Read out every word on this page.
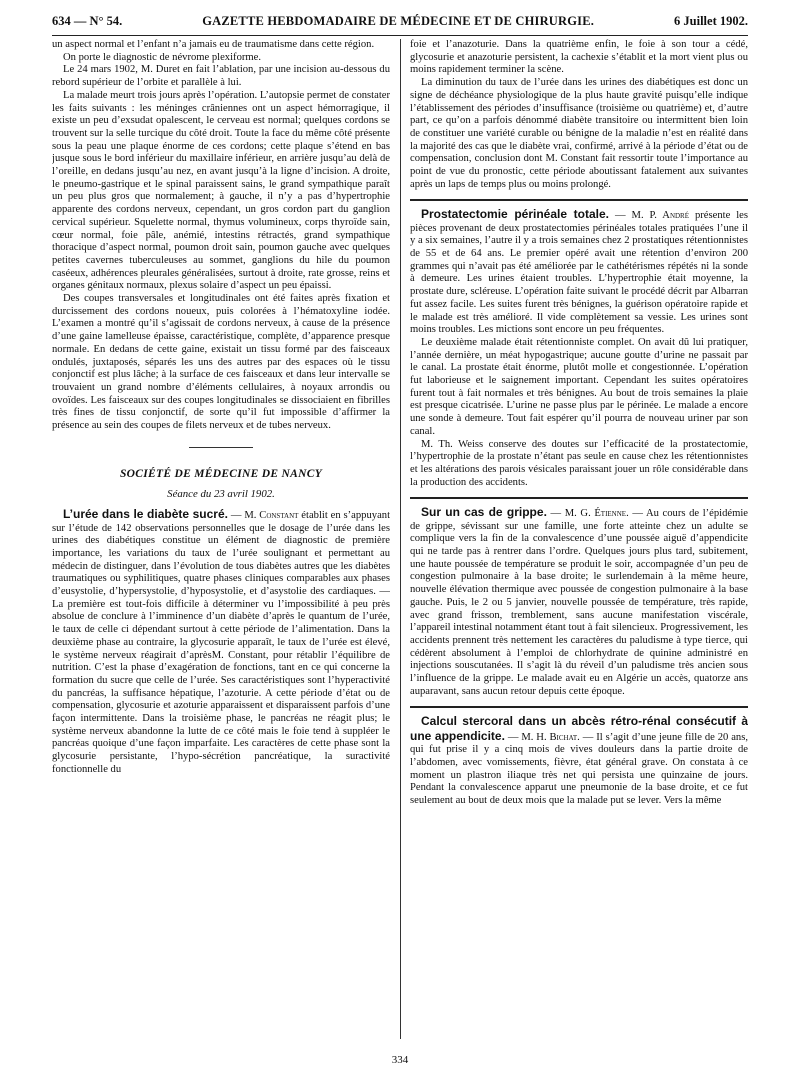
634 — N° 54.	GAZETTE HEBDOMADAIRE DE MÉDECINE ET DE CHIRURGIE.	6 Juillet 1902.

un aspect normal et l’enfant n’a jamais eu de traumatisme dans cette région.

On porte le diagnostic de névrome plexiforme.

Le 24 mars 1902, M. Duret en fait l’ablation, par une incision au-dessous du rebord supérieur de l’orbite et parallèle à lui.

La malade meurt trois jours après l’opération. L’autopsie permet de constater les faits suivants : les méninges crâniennes ont un aspect hémorragique, il existe un peu d’exsudat opalescent, le cerveau est normal; quelques cordons se trouvent sur la selle turcique du côté droit. Toute la face du même côté présente sous la peau une plaque énorme de ces cordons; cette plaque s’étend en bas jusque sous le bord inférieur du maxillaire inférieur, en arrière jusqu’au delà de l’oreille, en dedans jusqu’au nez, en avant jusqu’à la ligne d’incision. A droite, le pneumo-gastrique et le spinal paraissent sains, le grand sympathique paraît un peu plus gros que normalement; à gauche, il n’y a pas d’hypertrophie apparente des cordons nerveux, cependant, un gros cordon part du ganglion cervical supérieur. Squelette normal, thymus volumineux, corps thyroïde sain, cœur normal, foie pâle, anémié, intestins rétractés, grand sympathique thoracique d’aspect normal, poumon droit sain, poumon gauche avec quelques petites cavernes tuberculeuses au sommet, ganglions du hile du poumon caséeux, adhérences pleurales généralisées, surtout à droite, rate grosse, reins et organes génitaux normaux, plexus solaire d’aspect un peu épaissi.

Des coupes transversales et longitudinales ont été faites après fixation et durcissement des cordons noueux, puis colorées à l’hématoxyline iodée. L’examen a montré qu’il s’agissait de cordons nerveux, à cause de la présence d’une gaine lamelleuse épaisse, caractéristique, complète, d’apparence presque normale. En dedans de cette gaine, existait un tissu formé par des faisceaux ondulés, juxtaposés, séparés les uns des autres par des espaces où le tissu conjonctif est plus lâche; à la surface de ces faisceaux et dans leur intervalle se trouvaient un grand nombre d’éléments cellulaires, à noyaux arrondis ou ovoïdes. Les faisceaux sur des coupes longitudinales se dissociaient en fibrilles très fines de tissu conjonctif, de sorte qu’il fut impossible d’affirmer la présence au sein des coupes de filets nerveux et de tubes nerveux.

SOCIÉTÉ DE MÉDECINE DE NANCY
Séance du 23 avril 1902.

L’urée dans le diabète sucré. — M. Constant établit en s’appuyant sur l’étude de 142 observations personnelles que le dosage de l’urée dans les urines des diabétiques constitue un élément de diagnostic de première importance, les variations du taux de l’urée soulignant et permettant au médecin de distinguer, dans l’évolution de tous diabètes autres que les diabètes traumatiques ou syphilitiques, quatre phases cliniques comparables aux phases d’eusystolie, d’hypersystolie, d’hyposystolie, et d’asystolie des cardiaques. — La première est tout-fois difficile à déterminer vu l’impossibilité à peu près absolue de conclure à l’imminence d’un diabète d’après le quantum de l’urée, le taux de celle ci dépendant surtout à cette période de l’alimentation. Dans la deuxième phase au contraire, la glycosurie apparaît, le taux de l’urée est élevé, le système nerveux réagirait d’aprèsM. Constant, pour rétablir l’équilibre de nutrition. C’est la phase d’exagération de fonctions, tant en ce qui concerne la formation du sucre que celle de l’urée. Ses caractéristiques sont l’hyperactivité du pancréas, la suffisance hépatique, l’azoturie. A cette période d’état ou de compensation, glycosurie et azoturie apparaissent et disparaissent parfois d’une façon intermittente. Dans la troisième phase, le pancréas ne réagit plus; le système nerveux abandonne la lutte de ce côté mais le foie tend à suppléer le pancréas quoique d’une façon imparfaite. Les caractères de cette phase sont la glycosurie persistante, l’hypo-sécrétion pancréatique, la suractivité fonctionnelle du

foie et l’anazoturie. Dans la quatrième enfin, le foie à son tour a cédé, glycosurie et anazoturie persistent, la cachexie s’établit et la mort vient plus ou moins rapidement terminer la scène.

La diminution du taux de l’urée dans les urines des diabétiques est donc un signe de déchéance physiologique de la plus haute gravité puisqu’elle indique l’établissement des périodes d’insuffisance (troisième ou quatrième) et, d’autre part, ce qu’on a parfois dénommé diabète transitoire ou intermittent bien loin de constituer une variété curable ou bénigne de la maladie n’est en réalité dans la majorité des cas que le diabète vrai, confirmé, arrivé à la période d’état ou de compensation, conclusion dont M. Constant fait ressortir toute l’importance au point de vue du pronostic, cette période aboutissant fatalement aux suivantes après un laps de temps plus ou moins prolongé.

Prostatectomie périnéale totale. — M. P. André présente les pièces provenant de deux prostatectomies périnéales totales pratiquées l’une il y a six semaines, l’autre il y a trois semaines chez 2 prostatiques rétentionnistes de 55 et de 64 ans. Le premier opéré avait une rétention d’environ 200 grammes qui n’avait pas été améliorée par le cathétérismes répétés ni la sonde à demeure. Les urines étaient troubles. L’hypertrophie était moyenne, la prostate dure, scléreuse. L’opération faite suivant le procédé décrit par Albarran fut assez facile. Les suites furent très bénignes, la guérison opératoire rapide et le malade est très amélioré. Il vide complètement sa vessie. Les urines sont moins troubles. Les mictions sont encore un peu fréquentes.

Le deuxième malade était rétentionniste complet. On avait dû lui pratiquer, l’année dernière, un méat hypogastrique; aucune goutte d’urine ne passait par le canal. La prostate était énorme, plutôt molle et congestionnée. L’opération fut laborieuse et le saignement important. Cependant les suites opératoires furent tout à fait normales et très bénignes. Au bout de trois semaines la plaie est presque cicatrisée. L’urine ne passe plus par le périnée. Le malade a encore une sonde à demeure. Tout fait espérer qu’il pourra de nouveau uriner par son canal.

M. Th. Weiss conserve des doutes sur l’efficacité de la prostatectomie, l’hypertrophie de la prostate n’étant pas seule en cause chez les rétentionnistes et les altérations des parois vésicales paraissant jouer un rôle considérable dans la production des accidents.

Sur un cas de grippe. — M. G. Étienne. — Au cours de l’épidémie de grippe, sévissant sur une famille, une forte atteinte chez un adulte se complique vers la fin de la convalescence d’une poussée aiguë d’appendicite qui ne tarde pas à rentrer dans l’ordre. Quelques jours plus tard, subitement, une haute poussée de température se produit le soir, accompagnée d’un peu de congestion pulmonaire à la base droite; le surlendemain à la même heure, nouvelle élévation thermique avec poussée de congestion pulmonaire à la base gauche. Puis, le 2 ou 5 janvier, nouvelle poussée de température, très rapide, avec grand frisson, tremblement, sans aucune manifestation viscérale, l’appareil intestinal notamment étant tout à fait silencieux. Progressivement, les accidents prennent très nettement les caractères du paludisme à type tierce, qui cédèrent absolument à l’emploi de chlorhydrate de quinine administré en injections souscutanées. Il s’agit là du réveil d’un paludisme très ancien sous l’influence de la grippe. Le malade avait eu en Algérie un accès, quatorze ans auparavant, sans aucun retour depuis cette époque.

Calcul stercoral dans un abcès rétro-rénal consécutif à une appendicite. — M. H. Bichat. — Il s’agit d’une jeune fille de 20 ans, qui fut prise il y a cinq mois de vives douleurs dans la partie droite de l’abdomen, avec vomissements, fièvre, état général grave. On constata à ce moment un plastron iliaque très net qui persista une quinzaine de jours. Pendant la convalescence apparut une pneumonie de la base droite, et ce fut seulement au bout de deux mois que la malade put se lever. Vers la même

334
